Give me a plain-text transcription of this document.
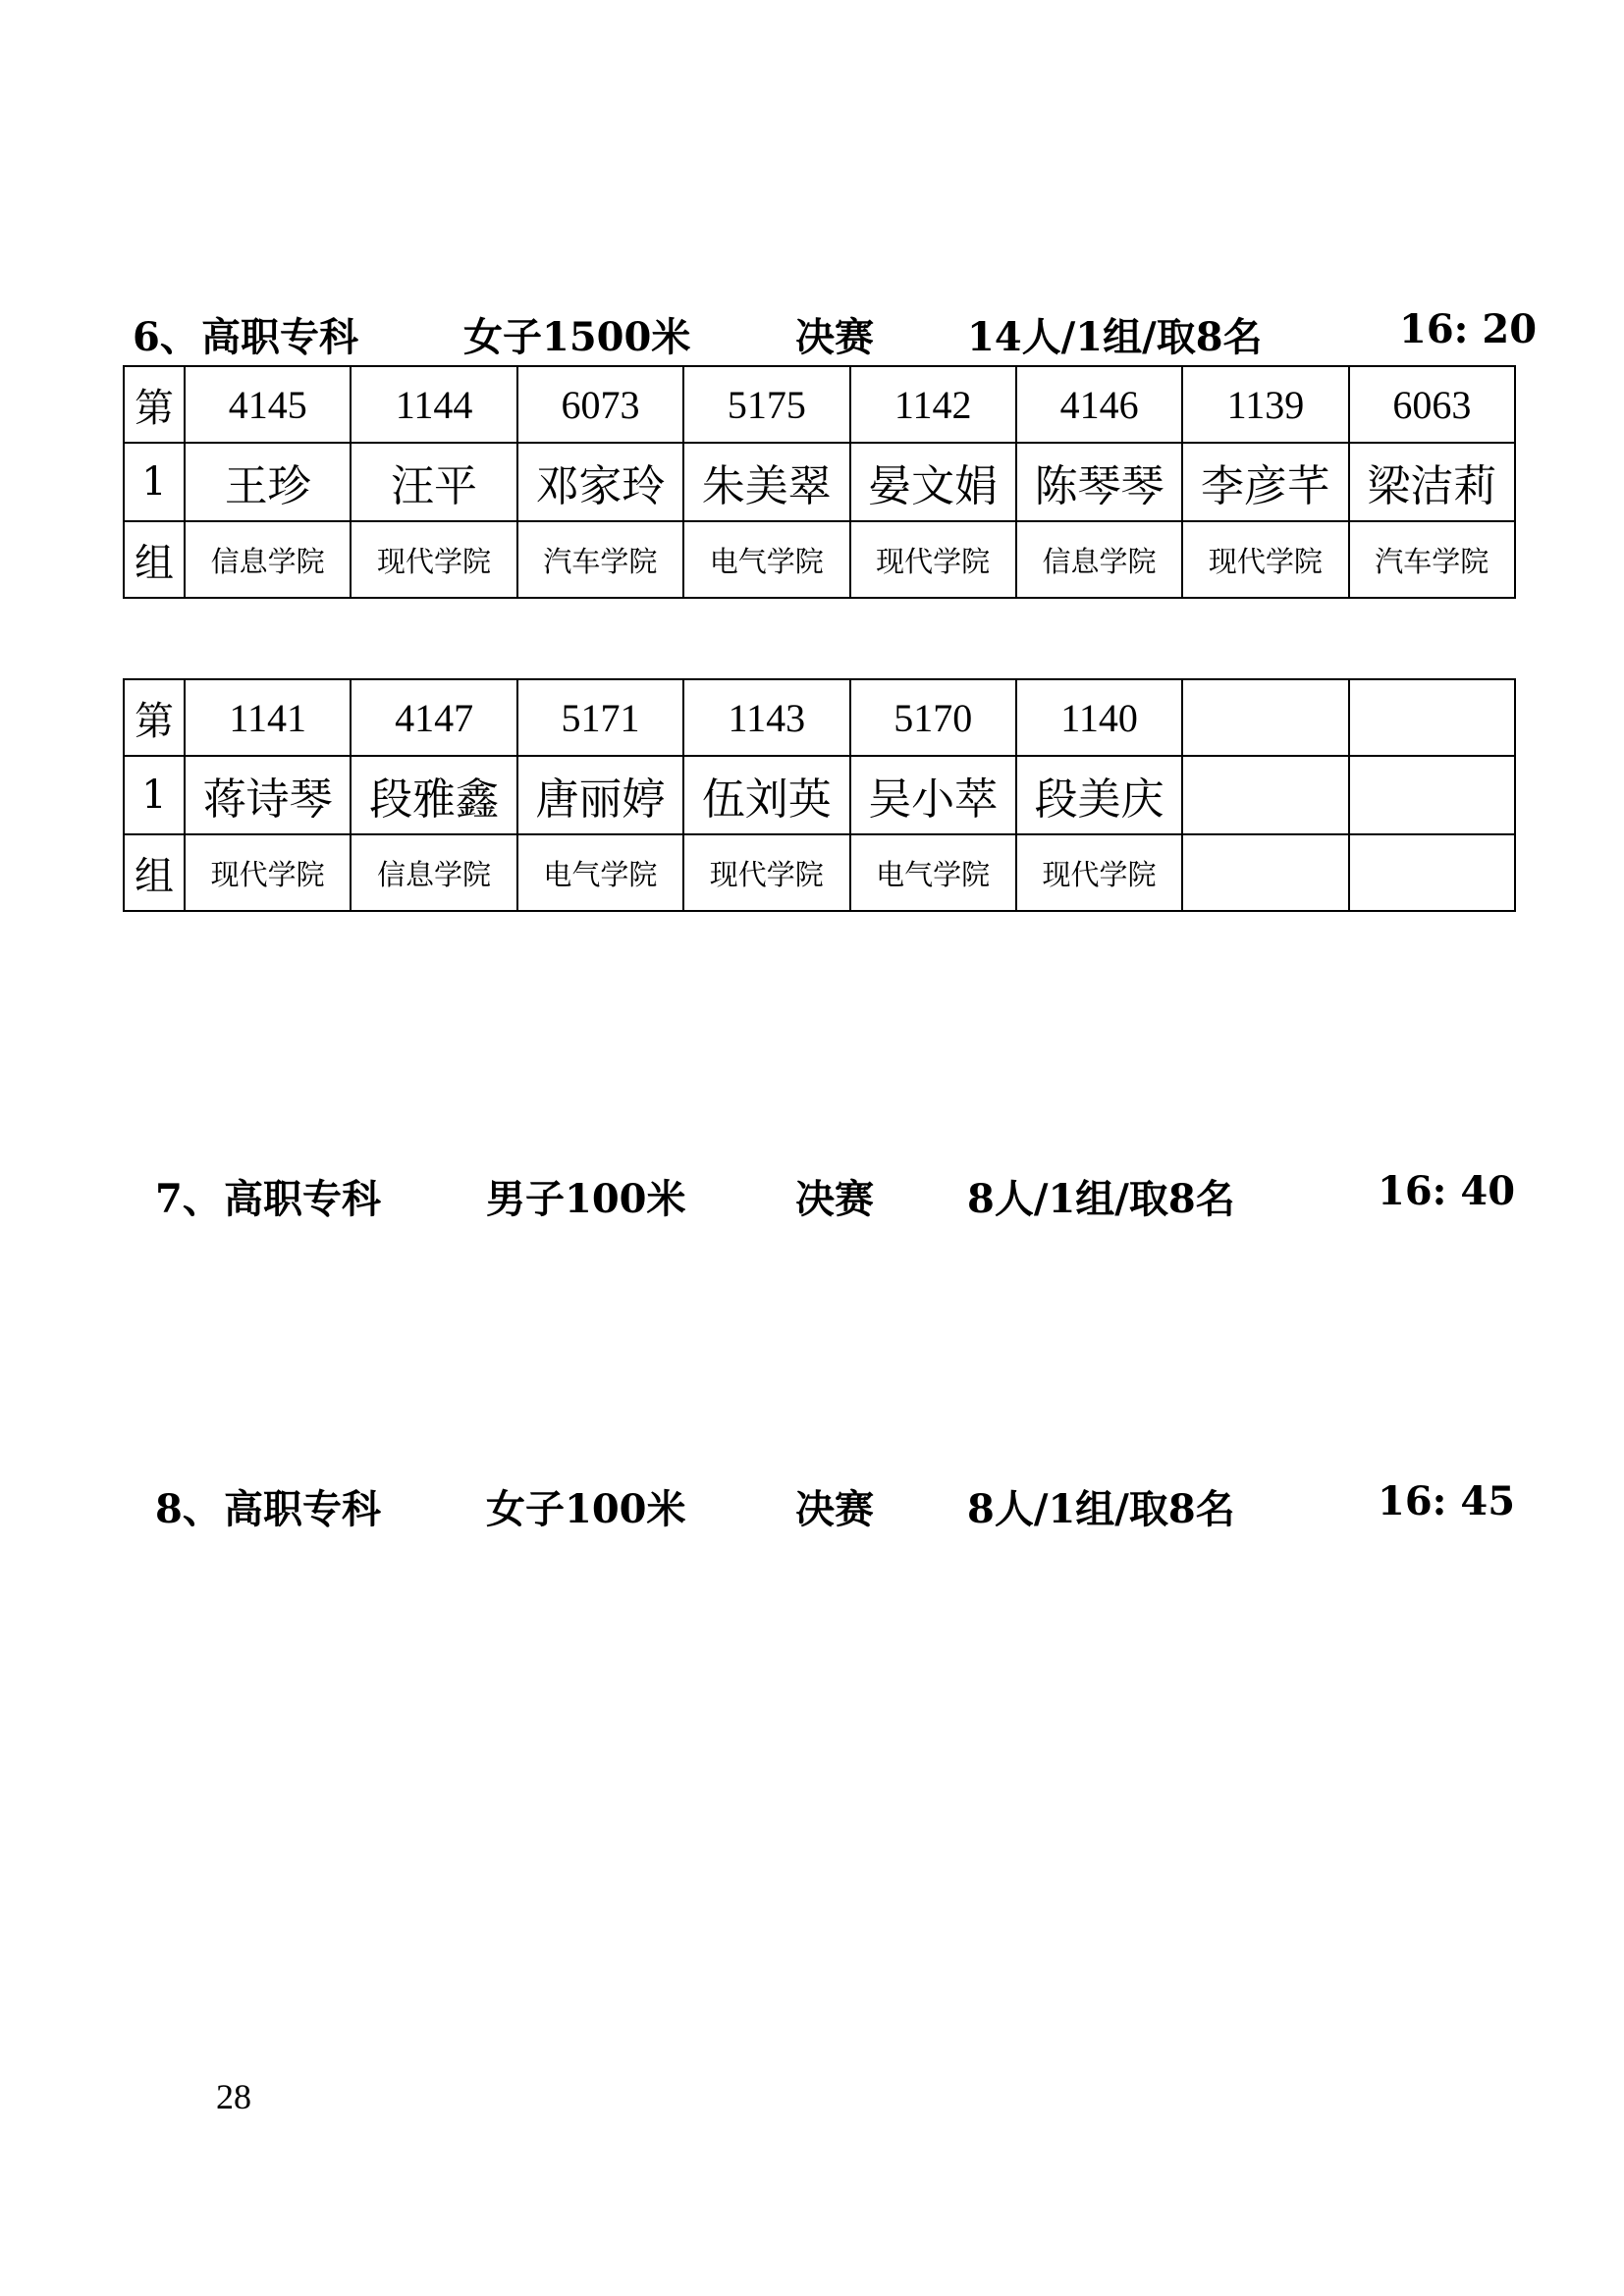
6、 高职专科	女子1500米	决赛 14人/1组/取8名	16: 20
第	4145	1144	6073	5175	1142	4146	1139	6063
1	王珍	汪平	邓家玲	朱美翠	晏文娟	陈琴琴	李彦芊	梁洁莉
组	信息学院	现代学院	汽车学院	电气学院	现代学院	信息学院	现代学院	汽车学院
第	1141	4147	5171	1143	5170	1140		
1	蒋诗琴	段雅鑫	唐丽婷	伍刘英	吴小萃	段美庆		
组	现代学院	信息学院	电气学院	现代学院	电气学院	现代学院		
7、 高职专科	男子100米	决赛 8人/1组/取8名	16: 40
8、 高职专科	女子100米	决赛 8人/1组/取8名	16: 45
28
